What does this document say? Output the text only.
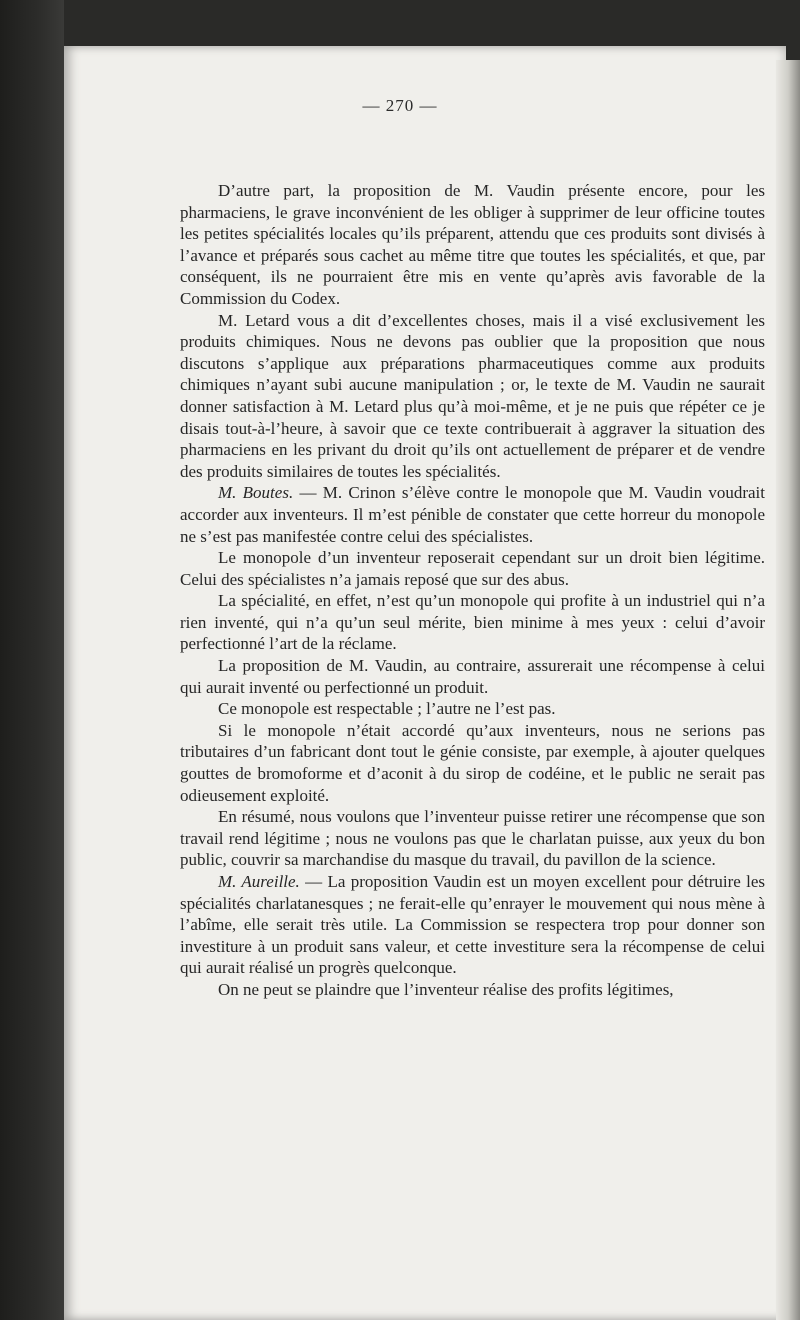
— 270 —

D’autre part, la proposition de M. Vaudin présente encore, pour les pharmaciens, le grave inconvénient de les obliger à supprimer de leur officine toutes les petites spécialités locales qu’ils préparent, attendu que ces produits sont divisés à l’avance et préparés sous cachet au même titre que toutes les spécialités, et que, par conséquent, ils ne pourraient être mis en vente qu’après avis favorable de la Commission du Codex.

M. Letard vous a dit d’excellentes choses, mais il a visé exclusivement les produits chimiques. Nous ne devons pas oublier que la proposition que nous discutons s’applique aux préparations pharmaceutiques comme aux produits chimiques n’ayant subi aucune manipulation ; or, le texte de M. Vaudin ne saurait donner satisfaction à M. Letard plus qu’à moi-même, et je ne puis que répéter ce je disais tout-à-l’heure, à savoir que ce texte contribuerait à aggraver la situation des pharmaciens en les privant du droit qu’ils ont actuellement de préparer et de vendre des produits similaires de toutes les spécialités.

M. Boutes. — M. Crinon s’élève contre le monopole que M. Vaudin voudrait accorder aux inventeurs. Il m’est pénible de constater que cette horreur du monopole ne s’est pas manifestée contre celui des spécialistes.

Le monopole d’un inventeur reposerait cependant sur un droit bien légitime. Celui des spécialistes n’a jamais reposé que sur des abus.

La spécialité, en effet, n’est qu’un monopole qui profite à un industriel qui n’a rien inventé, qui n’a qu’un seul mérite, bien minime à mes yeux : celui d’avoir perfectionné l’art de la réclame.

La proposition de M. Vaudin, au contraire, assurerait une récompense à celui qui aurait inventé ou perfectionné un produit.

Ce monopole est respectable ; l’autre ne l’est pas.

Si le monopole n’était accordé qu’aux inventeurs, nous ne serions pas tributaires d’un fabricant dont tout le génie consiste, par exemple, à ajouter quelques gouttes de bromoforme et d’aconit à du sirop de codéine, et le public ne serait pas odieusement exploité.

En résumé, nous voulons que l’inventeur puisse retirer une récompense que son travail rend légitime ; nous ne voulons pas que le charlatan puisse, aux yeux du bon public, couvrir sa marchandise du masque du travail, du pavillon de la science.

M. Aureille. — La proposition Vaudin est un moyen excellent pour détruire les spécialités charlatanesques ; ne ferait-elle qu’enrayer le mouvement qui nous mène à l’abîme, elle serait très utile. La Commission se respectera trop pour donner son investiture à un produit sans valeur, et cette investiture sera la récompense de celui qui aurait réalisé un progrès quelconque.

On ne peut se plaindre que l’inventeur réalise des profits légitimes,
